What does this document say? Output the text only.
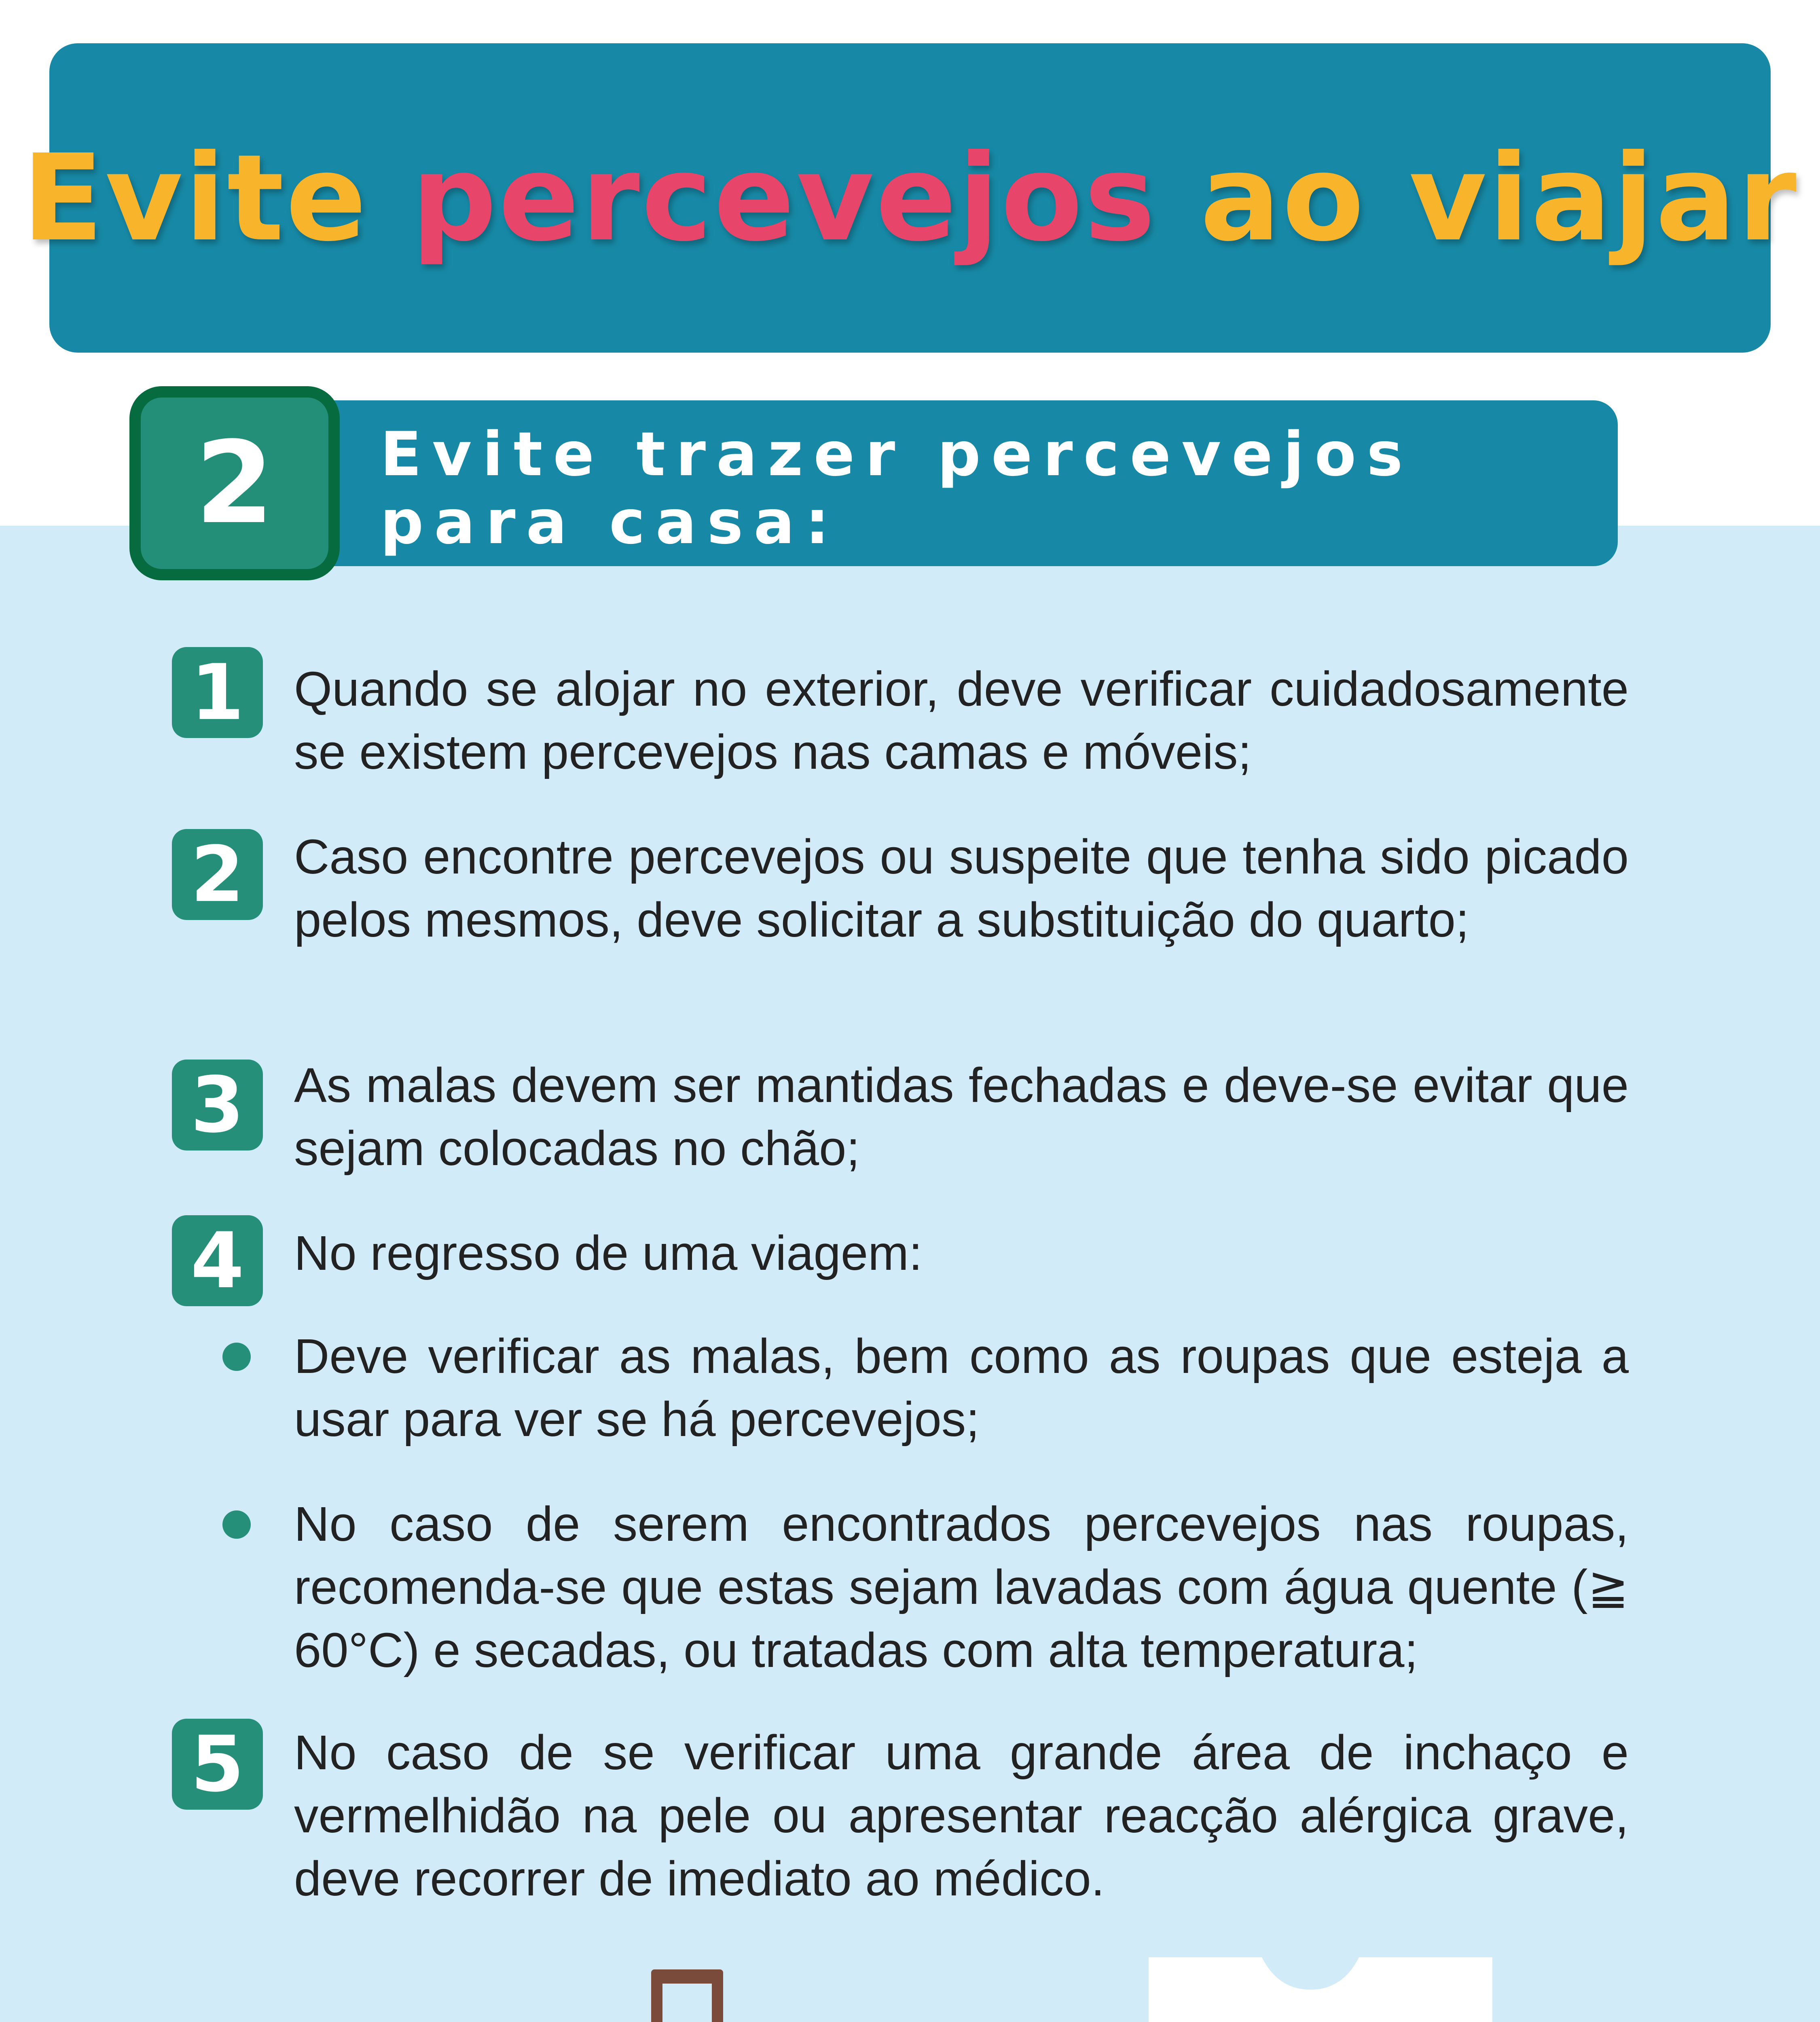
Evite percevejos ao viajar
Evite trazer percevejos para casa:
2
1	Quando se alojar no exterior, deve verificar cuidadosamente se existem percevejos nas camas e móveis;
2	Caso encontre percevejos ou suspeite que tenha sido picado pelos mesmos, deve solicitar a substituição do quarto;
3	As malas devem ser mantidas fechadas e deve-se evitar que sejam colocadas no chão;
4	No regresso de uma viagem:
Deve verificar as malas, bem como as roupas que esteja a usar para ver se há percevejos;
No caso de serem encontrados percevejos nas roupas, recomenda-se que estas sejam lavadas com água quente (≧ 60°C) e secadas, ou tratadas com alta temperatura;
5	No caso de se verificar uma grande área de inchaço e vermelhidão na pele ou apresentar reacção alérgica grave, deve recorrer de imediato ao médico.
